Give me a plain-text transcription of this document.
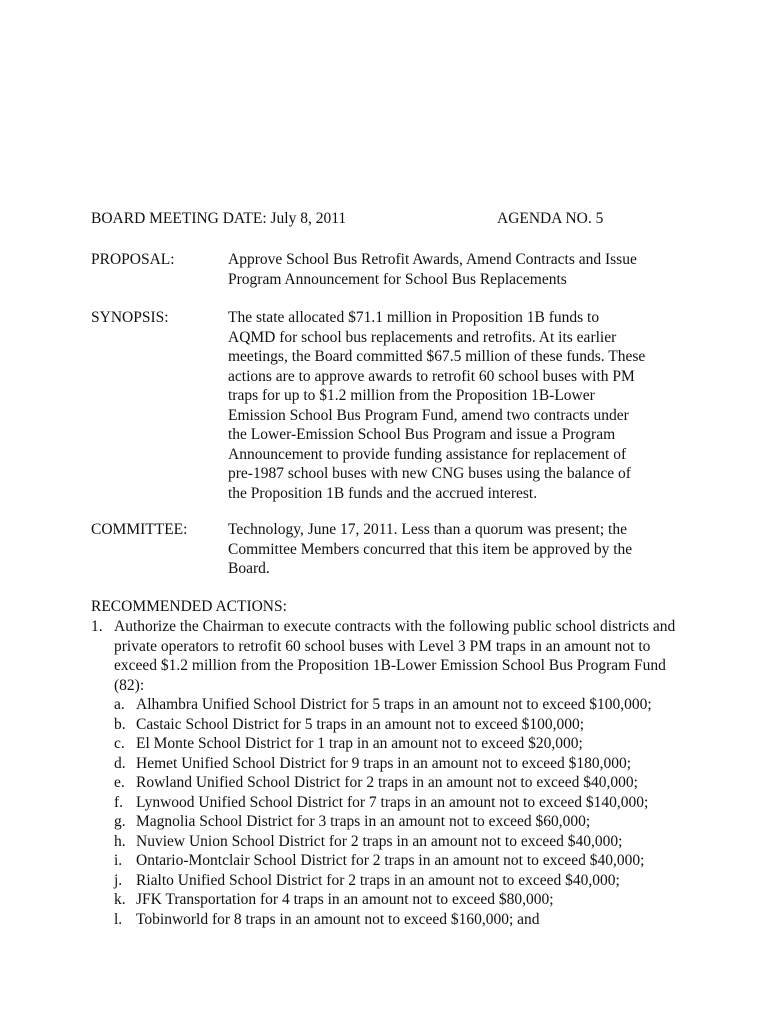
BOARD MEETING DATE: July 8, 2011	AGENDA NO. 5
PROPOSAL:	Approve School Bus Retrofit Awards, Amend Contracts and Issue
Program Announcement for School Bus Replacements
SYNOPSIS:	The state allocated $71.1 million in Proposition 1B funds to
AQMD for school bus replacements and retrofits. At its earlier
meetings, the Board committed $67.5 million of these funds. These
actions are to approve awards to retrofit 60 school buses with PM
traps for up to $1.2 million from the Proposition 1B-Lower
Emission School Bus Program Fund, amend two contracts under
the Lower-Emission School Bus Program and issue a Program
Announcement to provide funding assistance for replacement of
pre-1987 school buses with new CNG buses using the balance of
the Proposition 1B funds and the accrued interest.
COMMITTEE:	Technology, June 17, 2011. Less than a quorum was present; the
Committee Members concurred that this item be approved by the
Board.
RECOMMENDED ACTIONS:
1. Authorize the Chairman to execute contracts with the following public school districts and
private operators to retrofit 60 school buses with Level 3 PM traps in an amount not to
exceed $1.2 million from the Proposition 1B-Lower Emission School Bus Program Fund
(82):
a. Alhambra Unified School District for 5 traps in an amount not to exceed $100,000;
b. Castaic School District for 5 traps in an amount not to exceed $100,000;
c. El Monte School District for 1 trap in an amount not to exceed $20,000;
d. Hemet Unified School District for 9 traps in an amount not to exceed $180,000;
e. Rowland Unified School District for 2 traps in an amount not to exceed $40,000;
f. Lynwood Unified School District for 7 traps in an amount not to exceed $140,000;
g. Magnolia School District for 3 traps in an amount not to exceed $60,000;
h. Nuview Union School District for 2 traps in an amount not to exceed $40,000;
i. Ontario-Montclair School District for 2 traps in an amount not to exceed $40,000;
j. Rialto Unified School District for 2 traps in an amount not to exceed $40,000;
k. JFK Transportation for 4 traps in an amount not to exceed $80,000;
l. Tobinworld for 8 traps in an amount not to exceed $160,000; and
